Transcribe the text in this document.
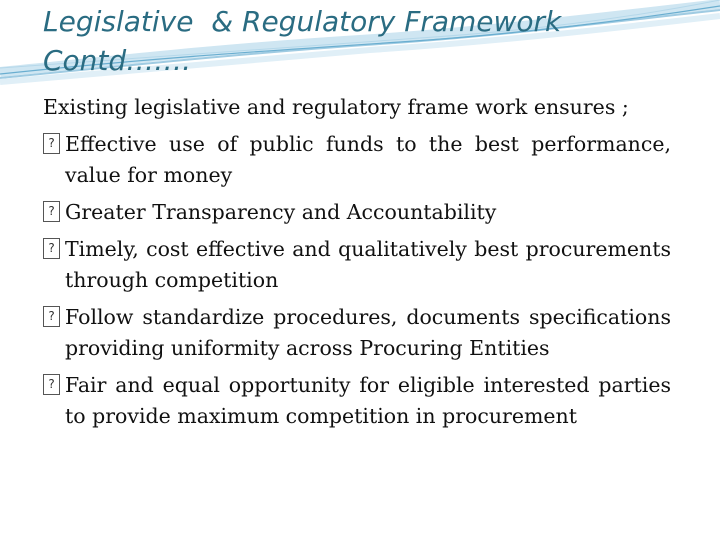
Legislative  & Regulatory Framework
Contd…….

Existing legislative and regulatory frame work ensures ;

?
Effective use of public funds to the best performance, value for money
?
Greater Transparency and Accountability
?
Timely, cost effective and qualitatively best procurements through competition
?
Follow standardize procedures, documents specifications providing uniformity across Procuring Entities
?
Fair and equal opportunity for eligible interested parties to provide maximum competition in procurement
